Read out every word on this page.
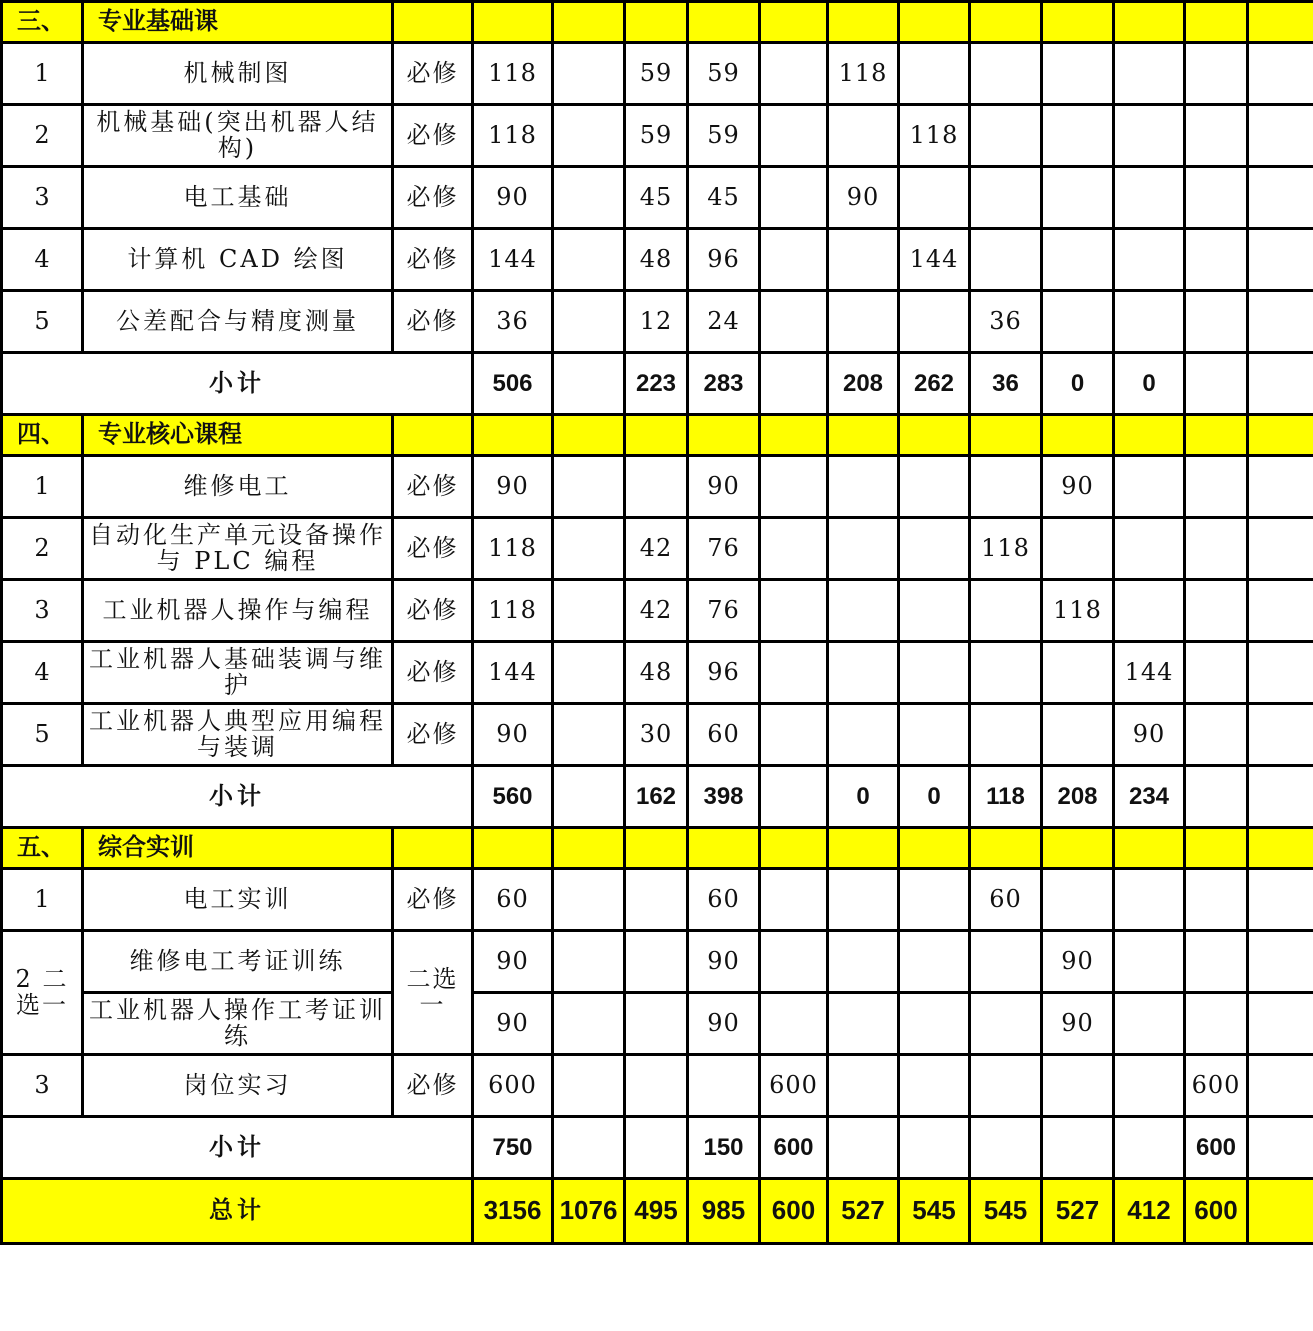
三、	专业基础课													
1	机械制图	必修	118		59	59		118						
2	机械基础(突出机器人结构)	必修	118		59	59			118					
3	电工基础	必修	90		45	45		90						
4	计算机 CAD 绘图	必修	144		48	96			144					
5	公差配合与精度测量	必修	36		12	24				36				
小计			506		223	283		208	262	36	0	0		
四、	专业核心课程													
1	维修电工	必修	90			90					90			
2	自动化生产单元设备操作与 PLC 编程	必修	118		42	76				118				
3	工业机器人操作与编程	必修	118		42	76					118			
4	工业机器人基础装调与维护	必修	144		48	96						144		
5	工业机器人典型应用编程与装调	必修	90		30	60						90		
小计			560		162	398		0	0	118	208	234		
五、	综合实训													
1	电工实训	必修	60			60				60				
2 二选一	维修电工考证训练	二选一	90			90					90			
	工业机器人操作工考证训练		90			90					90			
3	岗位实习	必修	600				600						600	
小计			750			150	600						600	
总计			3156	1076	495	985	600	527	545	545	527	412	600	
